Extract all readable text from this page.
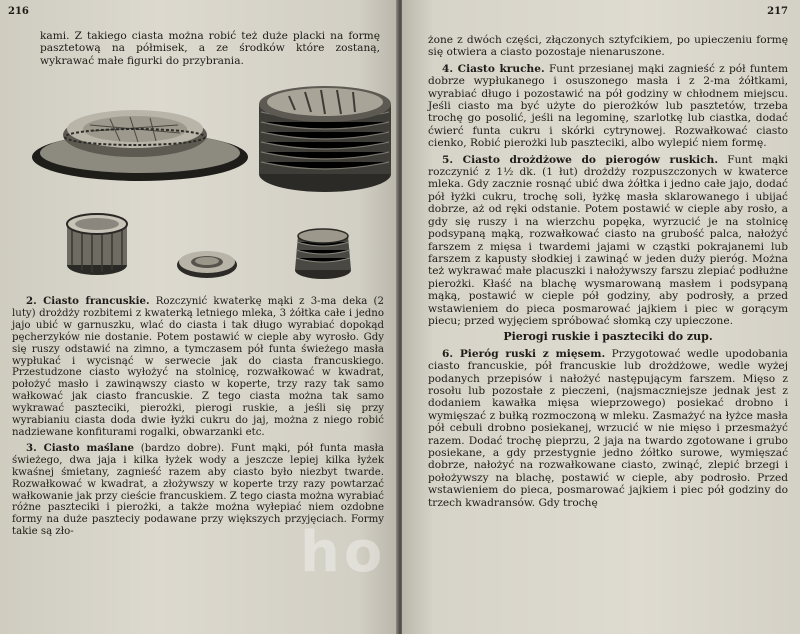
216

kami. Z takiego ciasta można robić też duże placki na formę pasztetową na półmisek, a ze środków które zostaną, wykrawać małe figurki do przybrania.

2. Ciasto francuskie. Rozczynić kwaterkę mąki z 3-ma deka (2 luty) drożdży rozbitemi z kwaterką letniego mleka, 3 żółtka całe i jedno jajo ubić w garnuszku, wlać do ciasta i tak długo wyrabiać dopokąd pęcherzyków nie dostanie. Potem postawić w cieple aby wyrosło. Gdy się ruszy odstawić na zimno, a tymczasem pół funta świeżego masła wypłukać i wycisnąć w serwecie jak do ciasta francuskiego. Przestudzone ciasto wyłożyć na stolnicę, rozwałkować w kwadrat, położyć masło i zawinąwszy ciasto w koperte, trzy razy tak samo wałkować jak ciasto francuskie. Z tego ciasta można tak samo wykrawać paszteciki, pierożki, pierogi ruskie, a jeśli się przy wyrabianiu ciasta doda dwie łyżki cukru do jaj, można z niego robić nadziewane konfiturami rogalki, obwarzanki etc.

3. Ciasto maślane (bardzo dobre). Funt mąki, pół funta masła świeżego, dwa jaja i kilka łyżek wody a jeszcze lepiej kilka łyżek kwaśnej śmietany, zagnieść razem aby ciasto było niezbyt twarde. Rozwałkować w kwadrat, a złożywszy w koperte trzy razy powtarzać wałkowanie jak przy cieście francuskiem. Z tego ciasta można wyrabiać różne paszteciki i pierożki, a także można wyłepiać niem ozdobne formy na duże paszteciy podawane przy większych przyjęciach. Formy takie są zło-

217

żone z dwóch części, złączonych sztyfcikiem, po upieczeniu formę się otwiera a ciasto pozostaje nienaruszone.

4. Ciasto kruche. Funt przesianej mąki zagnieść z pół funtem dobrze wypłukanego i osuszonego masła i z 2-ma żółtkami, wyrabiać długo i pozostawić na pół godziny w chłodnem miejscu. Jeśli ciasto ma być użyte do pierożków lub pasztetów, trzeba trochę go posolić, jeśli na legominę, szarlotkę lub ciastka, dodać ćwierć funta cukru i skórki cytrynowej. Rozwałkować ciasto cienko, Robić pierożki lub paszteciki, albo wylepić niem formę.

5. Ciasto drożdżowe do pierogów ruskich. Funt mąki rozczynić z 1½ dk. (1 łut) drożdży rozpuszczonych w kwaterce mleka. Gdy zacznie rosnąć ubić dwa żółtka i jedno całe jajo, dodać pół łyżki cukru, trochę soli, łyżkę masła sklarowanego i ubijać dobrze, aż od ręki odstanie. Potem postawić w cieple aby rosło, a gdy się ruszy i na wierzchu popęka, wyrzucić je na stolnicę podsypaną mąką, rozwałkować ciasto na grubość palca, nałożyć farszem z mięsa i twardemi jajami w cząstki pokrajanemi lub farszem z kapusty słodkiej i zawinąć w jeden duży pieróg. Można też wykrawać małe placuszki i nałożywszy farszu zlepiać podłużne pierożki. Kłaść na blachę wysmarowaną masłem i podsypaną mąką, postawić w cieple pół godziny, aby podrosły, a przed wstawieniem do pieca posmarować jajkiem i piec w gorącym piecu; przed wyjęciem spróbować słomką czy upieczone.

Pierogi ruskie i paszteciki do zup.

6. Pieróg ruski z mięsem. Przygotować wedle upodobania ciasto francuskie, pół francuskie lub drożdżowe, wedle wyżej podanych przepisów i nałożyć następującym farszem. Mięso z rosołu lub pozostałe z pieczeni, (najsmaczniejsze jednak jest z dodaniem kawałka mięsa wieprzowego) posiekać drobno i wymięszać z bułką rozmoczoną w mleku. Zasmażyć na łyżce masła pół cebuli drobno posiekanej, wrzucić w nie mięso i przesmażyć razem. Dodać trochę pieprzu, 2 jaja na twardo zgotowane i grubo posiekane, a gdy przestygnie jedno żółtko surowe, wymięszać dobrze, nałożyć na rozwałkowane ciasto, zwinąć, zlepić brzegi i położywszy na blachę, postawić w cieple, aby podrosło. Przed wstawieniem do pieca, posmarować jajkiem i piec pół godziny do trzech kwadransów. Gdy trochę

ho
